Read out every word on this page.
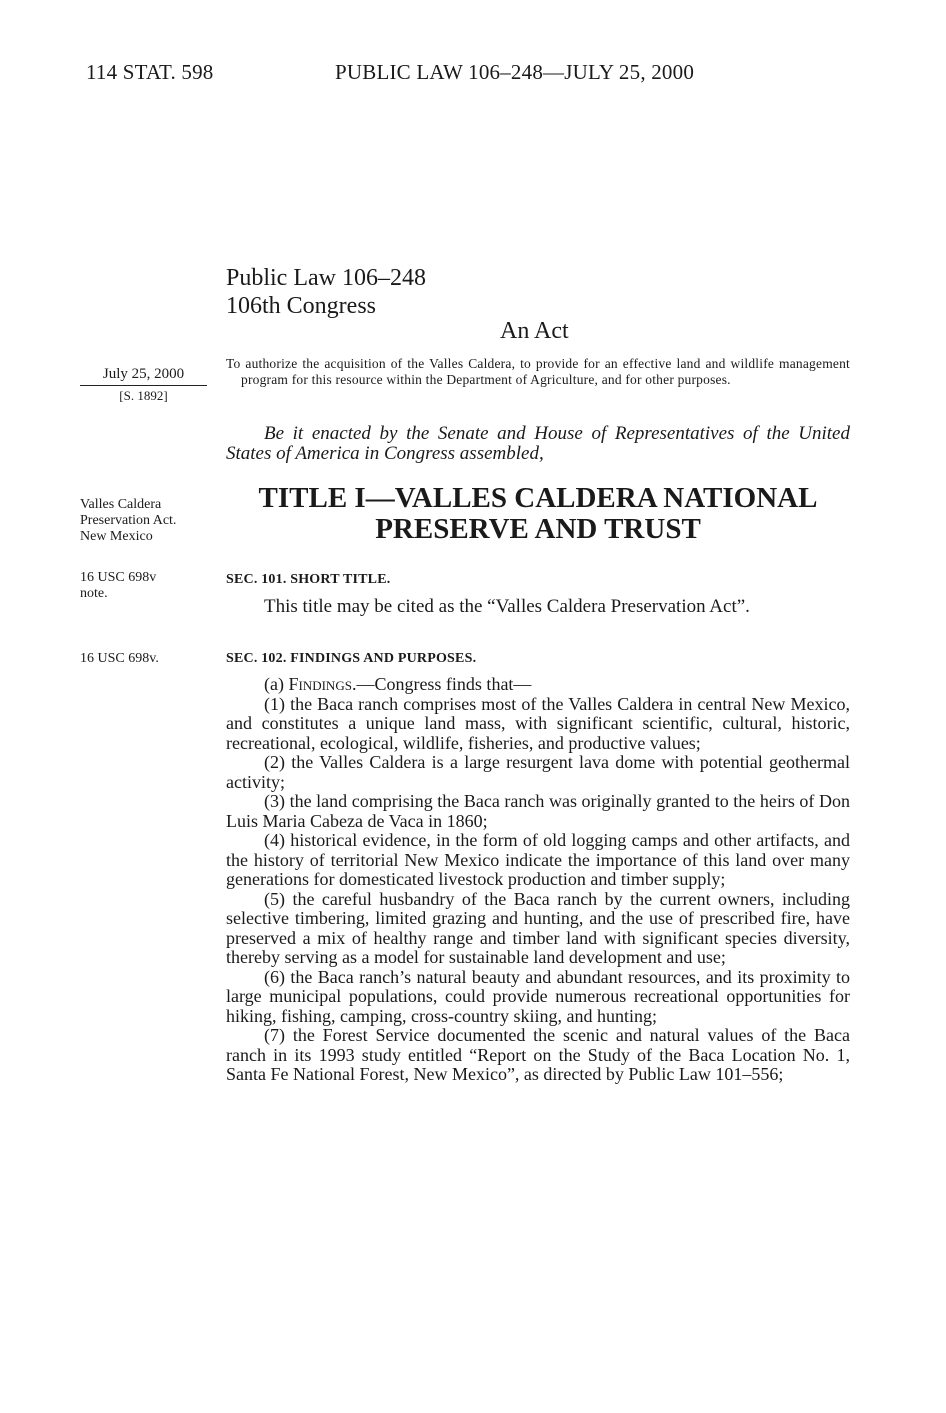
114 STAT. 598	PUBLIC LAW 106–248—JULY 25, 2000
Public Law 106–248
106th Congress
An Act
July 25, 2000
[S. 1892]
To authorize the acquisition of the Valles Caldera, to provide for an effective land and wildlife management program for this resource within the Department of Agriculture, and for other purposes.
Be it enacted by the Senate and House of Representatives of the United States of America in Congress assembled,
Valles Caldera
Preservation Act.
New Mexico
TITLE I—VALLES CALDERA NATIONAL
PRESERVE AND TRUST
16 USC 698v
note.
SEC. 101. SHORT TITLE.

This title may be cited as the “Valles Caldera Preservation Act”.

16 USC 698v.	SEC. 102. FINDINGS AND PURPOSES.

(a) Findings.—Congress finds that—

(1) the Baca ranch comprises most of the Valles Caldera in central New Mexico, and constitutes a unique land mass, with significant scientific, cultural, historic, recreational, ecological, wildlife, fisheries, and productive values;

(2) the Valles Caldera is a large resurgent lava dome with potential geothermal activity;

(3) the land comprising the Baca ranch was originally granted to the heirs of Don Luis Maria Cabeza de Vaca in 1860;

(4) historical evidence, in the form of old logging camps and other artifacts, and the history of territorial New Mexico indicate the importance of this land over many generations for domesticated livestock production and timber supply;

(5) the careful husbandry of the Baca ranch by the current owners, including selective timbering, limited grazing and hunting, and the use of prescribed fire, have preserved a mix of healthy range and timber land with significant species diversity, thereby serving as a model for sustainable land development and use;

(6) the Baca ranch’s natural beauty and abundant resources, and its proximity to large municipal populations, could provide numerous recreational opportunities for hiking, fishing, camping, cross-country skiing, and hunting;

(7) the Forest Service documented the scenic and natural values of the Baca ranch in its 1993 study entitled “Report on the Study of the Baca Location No. 1, Santa Fe National Forest, New Mexico”, as directed by Public Law 101–556;
